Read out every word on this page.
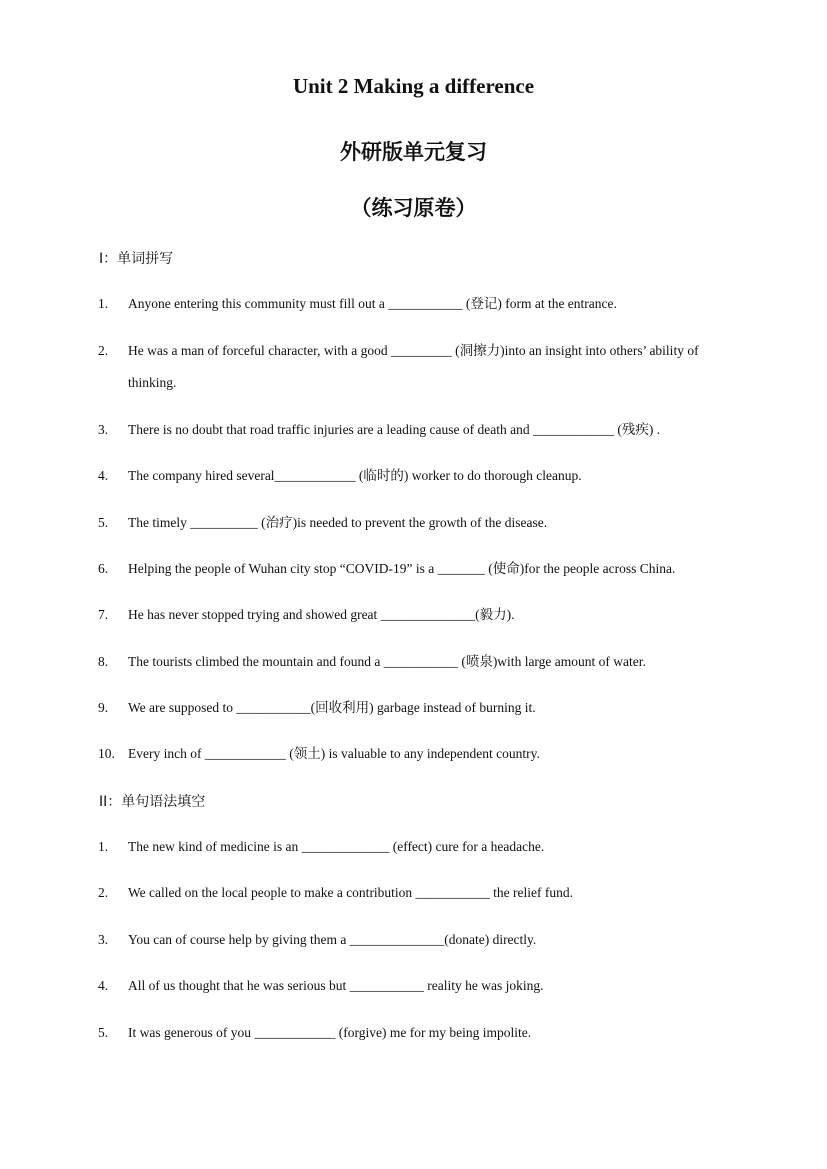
Unit 2 Making a difference
外研版单元复习
（练习原卷）

I：单词拼写

1. Anyone entering this community must fill out a ___________ (登记) form at the entrance.
2. He was a man of forceful character, with a good _________ (洞擦力)into an insight into others’ ability of thinking.
3. There is no doubt that road traffic injuries are a leading cause of death and ____________ (残疾) .
4. The company hired several____________ (临时的) worker to do thorough cleanup.
5. The timely __________ (治疗)is needed to prevent the growth of the disease.
6. Helping the people of Wuhan city stop “COVID-19” is a _______ (使命)for the people across China.
7. He has never stopped trying and showed great ______________(毅力).
8. The tourists climbed the mountain and found a ___________ (喷泉)with large amount of water.
9. We are supposed to ___________(回收利用) garbage instead of burning it.
10. Every inch of ____________ (领土) is valuable to any independent country.

II：单句语法填空

1. The new kind of medicine is an _____________ (effect) cure for a headache.
2. We called on the local people to make a contribution ___________ the relief fund.
3. You can of course help by giving them a ______________(donate) directly.
4. All of us thought that he was serious but ___________ reality he was joking.
5. It was generous of you ____________ (forgive) me for my being impolite.
